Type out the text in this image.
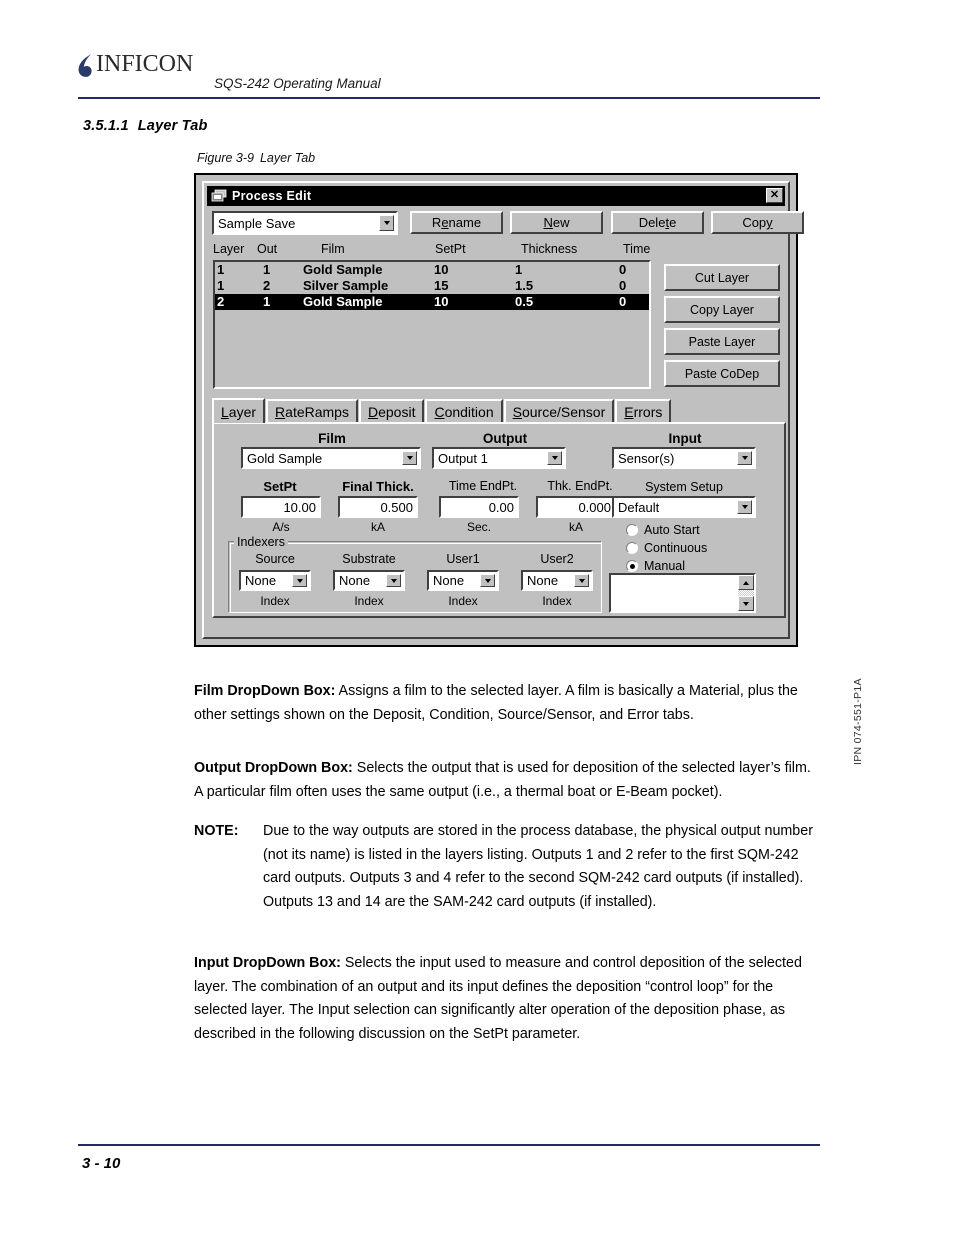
INFICON
SQS-242 Operating Manual
3.5.1.1 Layer Tab
Figure 3-9 Layer Tab
Process Edit	✕
Sample Save	R e name	N ew	Dele t e	Cop y
Layer Out	Film	SetPt	Thickness	Time
1	1	Gold Sample	10	1	0
1	2	Silver Sample	15	1.5	0
2	1	Gold Sample	10	0.5	0
Cut Layer
Copy Layer
Paste Layer
Paste CoDep
L ayer R ateRamps D eposit C ondition S ource/Sensor E rrors
Film	Output	Input
Gold Sample	Output 1	Sensor(s)
SetPt	Final Thick.	Time EndPt.	Thk. EndPt.	System Setup
10.00	0.500	0.00	0.000 Default
A/s	kA	Sec.	kA	Auto Start
Continuous
Manual
Indexers
Source	Substrate	User1	User2
None	None	None	None
Index	Index	Index	Index

Film DropDown Box: Assigns a film to the selected layer. A film is basically a Material, plus the other settings shown on the Deposit, Condition, Source/Sensor, and Error tabs.

Output DropDown Box: Selects the output that is used for deposition of the selected layer’s film. A particular film often uses the same output (i.e., a thermal boat or E-Beam pocket).

NOTE: Due to the way outputs are stored in the process database, the physical output number (not its name) is listed in the layers listing. Outputs 1 and 2 refer to the first SQM-242 card outputs. Outputs 3 and 4 refer to the second SQM-242 card outputs (if installed). Outputs 13 and 14 are the SAM-242 card outputs (if installed).

Input DropDown Box: Selects the input used to measure and control deposition of the selected layer. The combination of an output and its input defines the deposition “control loop” for the selected layer. The Input selection can significantly alter operation of the deposition phase, as described in the following discussion on the SetPt parameter.

IPN 074-551-P1A
3 - 10
